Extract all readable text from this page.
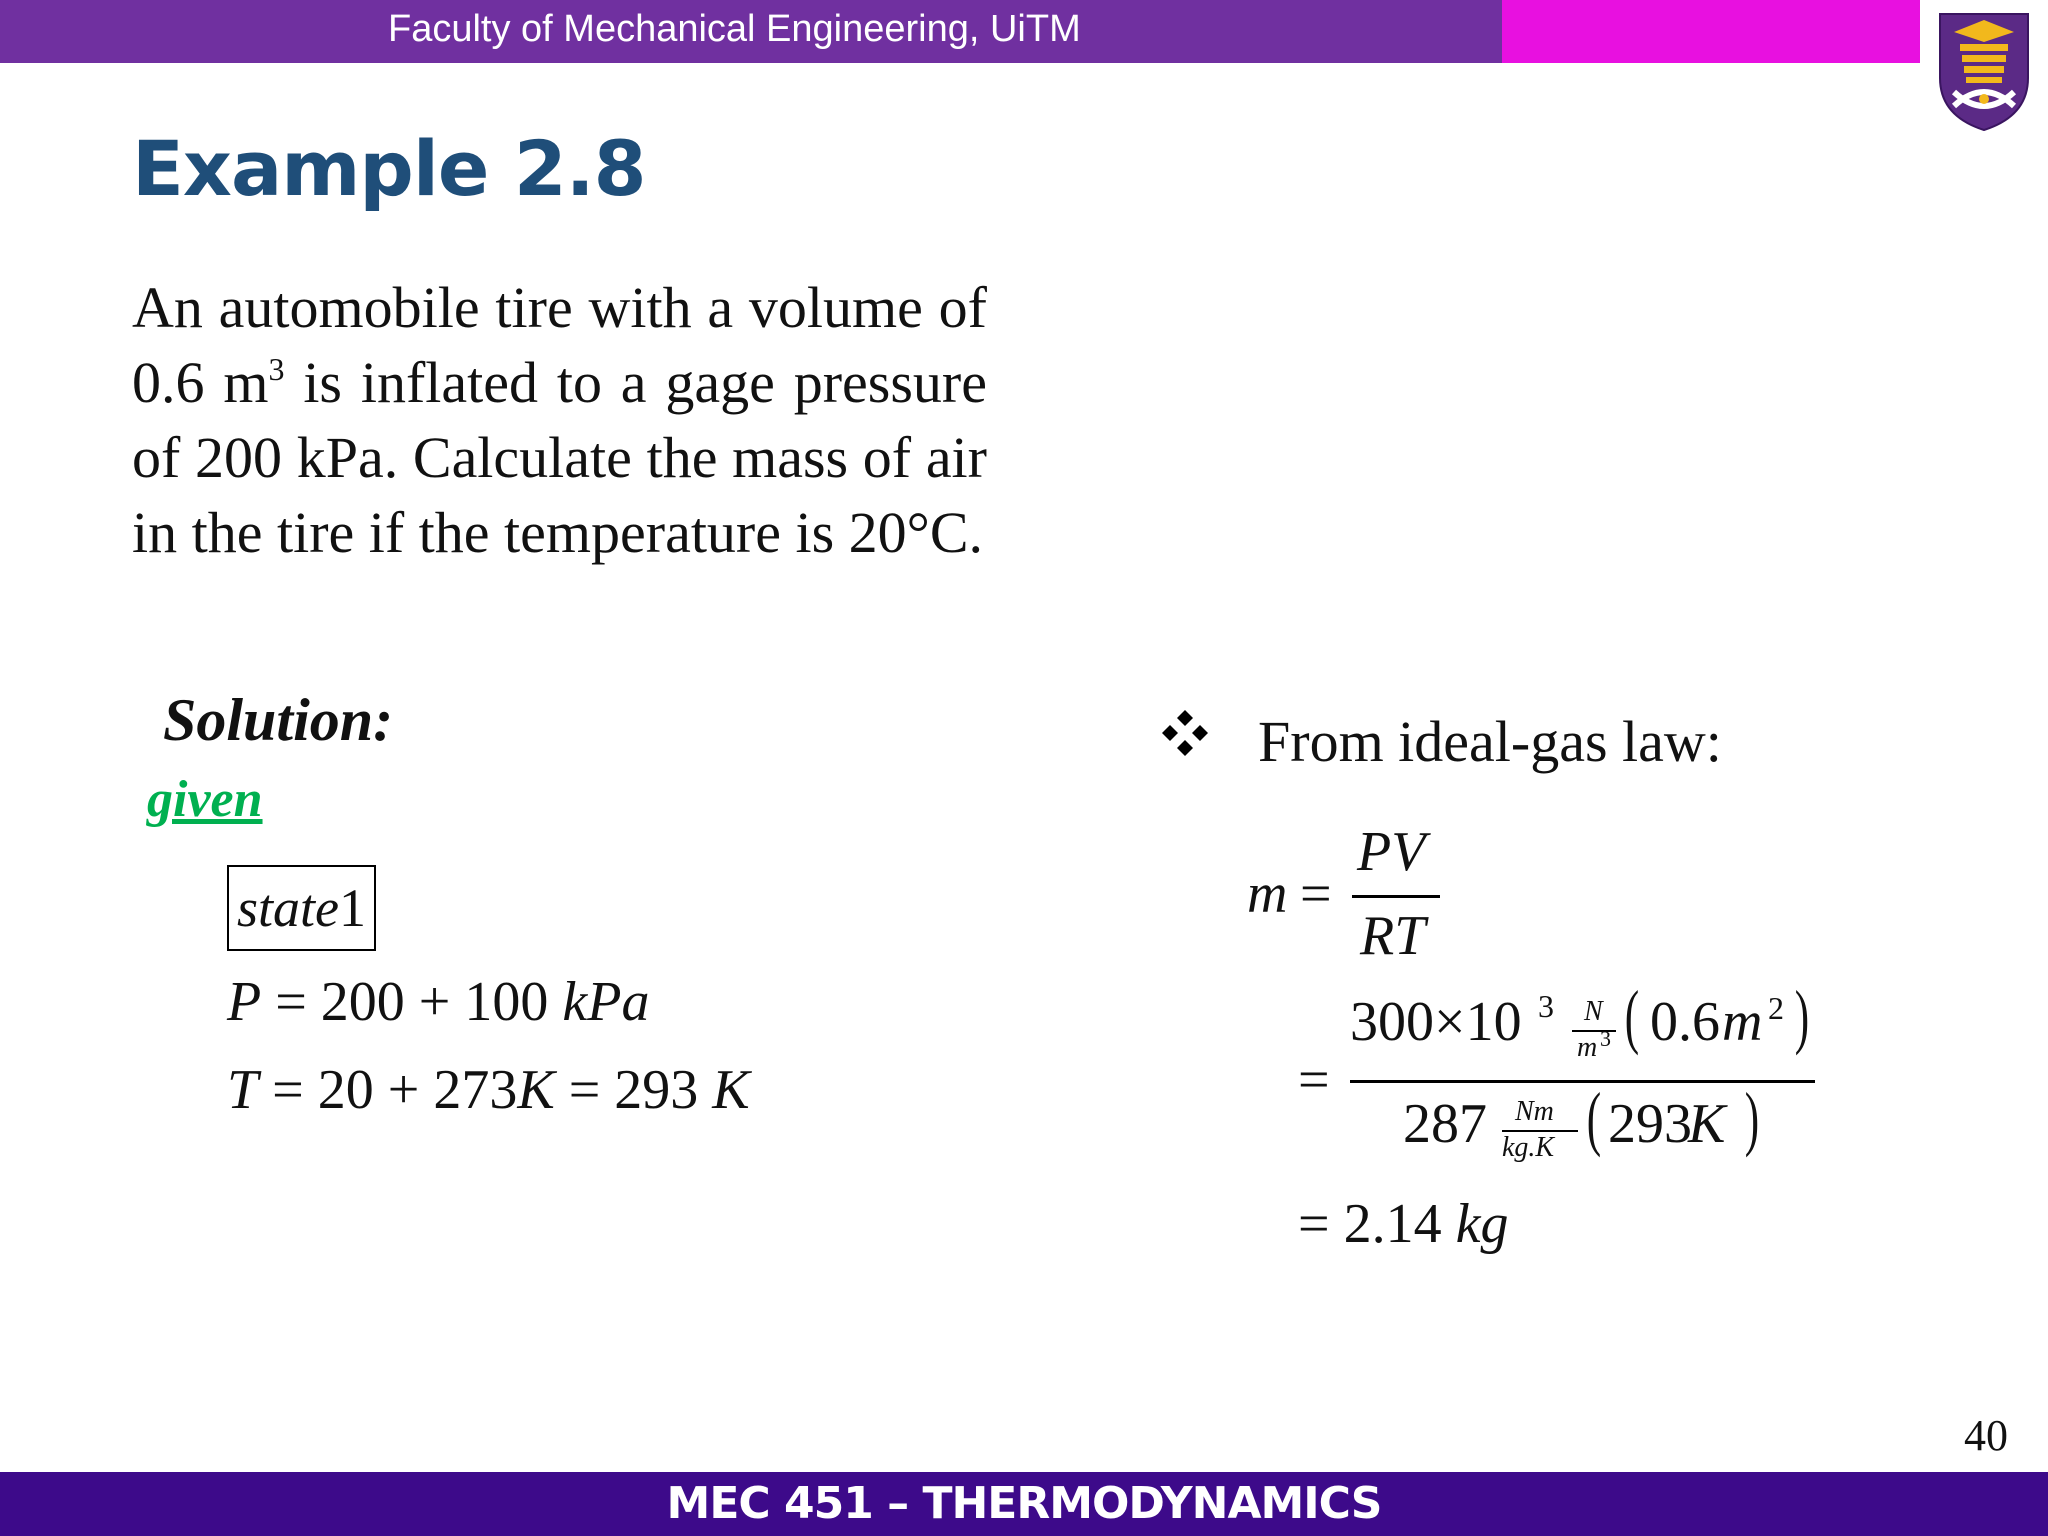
Faculty of Mechanical Engineering, UiTM
Example 2.8
An automobile tire with a volume of 0.6 $m^3$ is inflated to a gage pressure of 200 kPa. Calculate the mass of air in the tire if the temperature is 20°C.
Solution:
given
state1
P = 200 + 100 kPa
T = 20 + 273K = 293 K
From ideal-gas law:
m =
PV
RT
=
300×10 3 N
m 3 ( 0.6 m 2 )
287 Nm
kg.K ( 293
K )
= 2.14 kg
40
MEC 451 – THERMODYNAMICS
